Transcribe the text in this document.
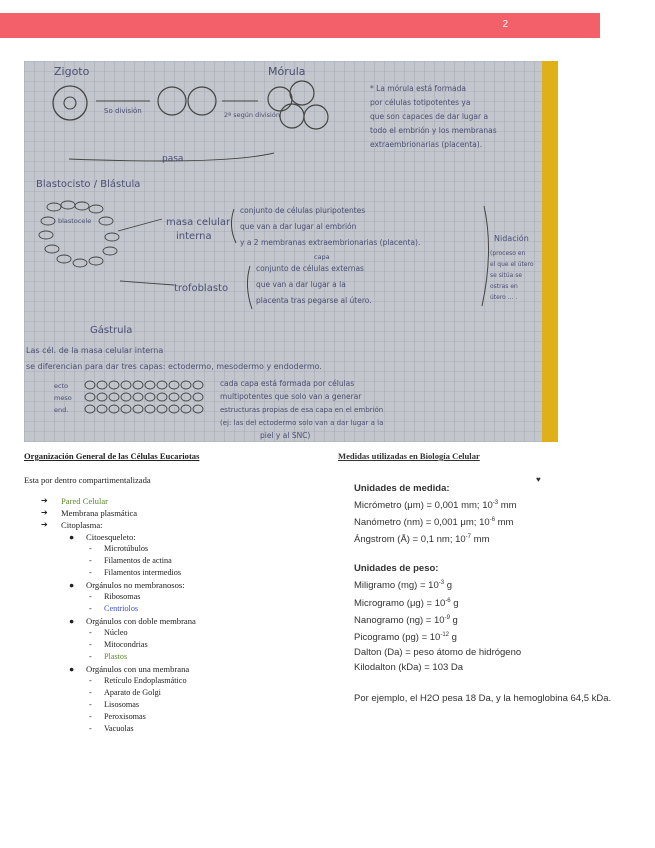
2
Zigoto	Mórula
So división	2ª según división
* La mórula está formada
por células totipotentes ya
que son capaces de dar lugar a
todo el embrión y los membranas
extraembrionarias (placenta).
pasa
Blastocisto / Blástula
blastocele	masa celular
interna
conjunto de células pluripotentes
que van a dar lugar al embrión
y a 2 membranas extraembrionarias (placenta).	Nidación
(proceso en
el que el útero
se sitúa se
ostras en
útero ... .
trofoblasto
capa
conjunto de células externas
que van a dar lugar a la
placenta tras pegarse al útero.
Gástrula
Las cél. de la masa celular interna
se diferencian para dar tres capas: ectodermo, mesodermo y endodermo.
ecto
meso
end.
cada capa está formada por células
multipotentes que solo van a generar
estructuras propias de esa capa en el embrión
(ej: las del ectodermo solo van a dar lugar a la
piel y al SNC)
Organización General de las Células Eucariotas
Esta por dentro compartimentalizada
➔ Pared Celular
➔ Membrana plasmática
➔ Citoplasma:
● Citoesqueleto:
- Microtúbulos
- Filamentos de actina
- Filamentos intermedios
● Orgánulos no membranosos:
- Ribosomas
- Centriolos
● Orgánulos con doble membrana
- Núcleo
- Mitocondrias
- Plastos
● Orgánulos con una membrana
- Retículo Endoplasmático
- Aparato de Golgi
- Lisosomas
- Peroxisomas
- Vacuolas
Medidas utilizadas en Biología Celular
♥
Unidades de medida:
Micrómetro (μm) = 0,001 mm; $10^{-3}$ mm
Nanómetro (nm) = 0,001 μm; $10^{-6}$ mm
Ángstrom (Å) = 0,1 nm; $10^{-7}$ mm
Unidades de peso:
Miligramo $(mg) = 10^{-3}$ g
Microgramo $(\mu g) = 10^{-6}$ g
Nanogramo $(ng) = 10^{-9}$ g
Picogramo $(pg) = 10^{-12}$ g
Dalton (Da) = peso átomo de hidrógeno
Kilodalton (kDa) = 103 Da
Por ejemplo, el H2O pesa 18 Da, y la hemoglobina 64,5 kDa.
